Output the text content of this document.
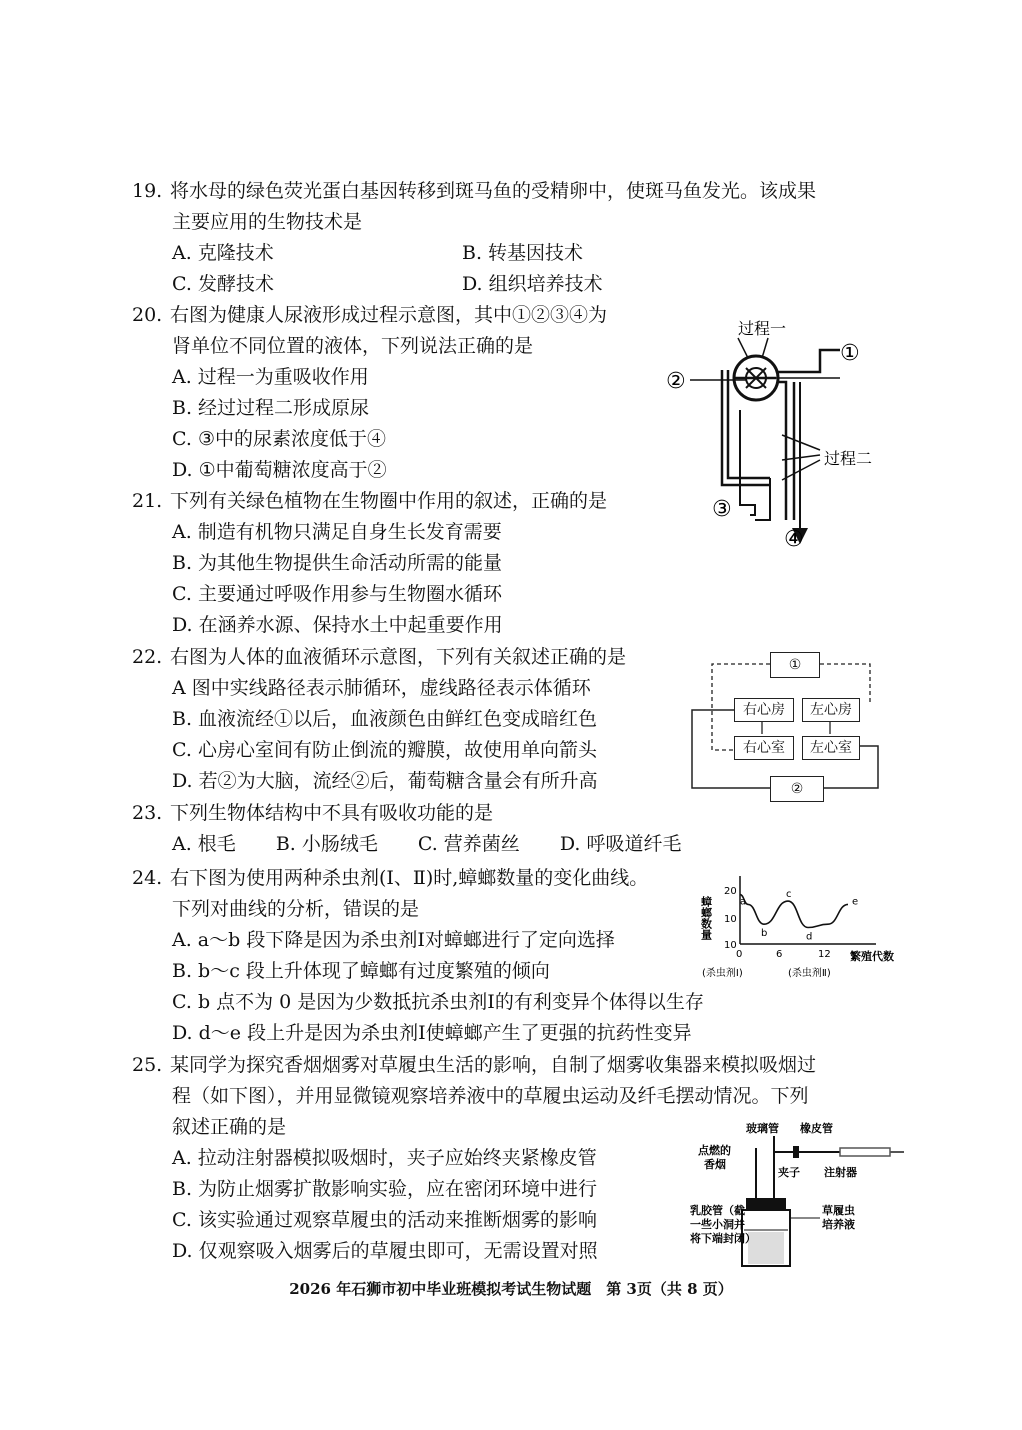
19. 将水母的绿色荧光蛋白基因转移到斑马鱼的受精卵中，使斑马鱼发光。该成果
主要应用的生物技术是
A. 克隆技术	B. 转基因技术
C. 发酵技术	D. 组织培养技术
20. 右图为健康人尿液形成过程示意图，其中①②③④为
肾单位不同位置的液体，下列说法正确的是
A. 过程一为重吸收作用
B. 经过过程二形成原尿
C. ③中的尿素浓度低于④
D. ①中葡萄糖浓度高于②
过程一
①
②
过程二
③
④
21. 下列有关绿色植物在生物圈中作用的叙述，正确的是
A. 制造有机物只满足自身生长发育需要
B. 为其他生物提供生命活动所需的能量
C. 主要通过呼吸作用参与生物圈水循环
D. 在涵养水源、保持水土中起重要作用
22. 右图为人体的血液循环示意图，下列有关叙述正确的是
A 图中实线路径表示肺循环，虚线路径表示体循环
B. 血液流经①以后，血液颜色由鲜红色变成暗红色
C. 心房心室间有防止倒流的瓣膜，故使用单向箭头
D. 若②为大脑，流经②后，葡萄糖含量会有所升高
①
右心房	左心房
右心室	左心室
②
23. 下列生物体结构中不具有吸收功能的是
A. 根毛 B. 小肠绒毛 C. 营养菌丝 D. 呼吸道纤毛
24. 右下图为使用两种杀虫剂(Ⅰ、Ⅱ)时,蟑螂数量的变化曲线。
下列对曲线的分析，错误的是
A. a～b 段下降是因为杀虫剂Ⅰ对蟑螂进行了定向选择
B. b～c 段上升体现了蟑螂有过度繁殖的倾向
C. b 点不为 0 是因为少数抵抗杀虫剂Ⅰ的有利变异个体得以生存
D. d～e 段上升是因为杀虫剂Ⅰ使蟑螂产生了更强的抗药性变异
蟑螂数量
繁殖代数
20
10
10
0	6	12
(杀虫剂Ⅰ)	(杀虫剂Ⅱ)
a
b
c
d
e
25. 某同学为探究香烟烟雾对草履虫生活的影响，自制了烟雾收集器来模拟吸烟过
程（如下图），并用显微镜观察培养液中的草履虫运动及纤毛摆动情况。下列
叙述正确的是
A. 拉动注射器模拟吸烟时，夹子应始终夹紧橡皮管
B. 为防止烟雾扩散影响实验，应在密闭环境中进行
C. 该实验通过观察草履虫的活动来推断烟雾的影响
D. 仅观察吸入烟雾后的草履虫即可，无需设置对照
玻璃管 橡皮管
点燃的
香烟
夹子 注射器
乳胶管（截
一些小洞并
将下端封闭）
草履虫
培养液
2026 年石狮市初中毕业班模拟考试生物试题　第 3页（共 8 页）
